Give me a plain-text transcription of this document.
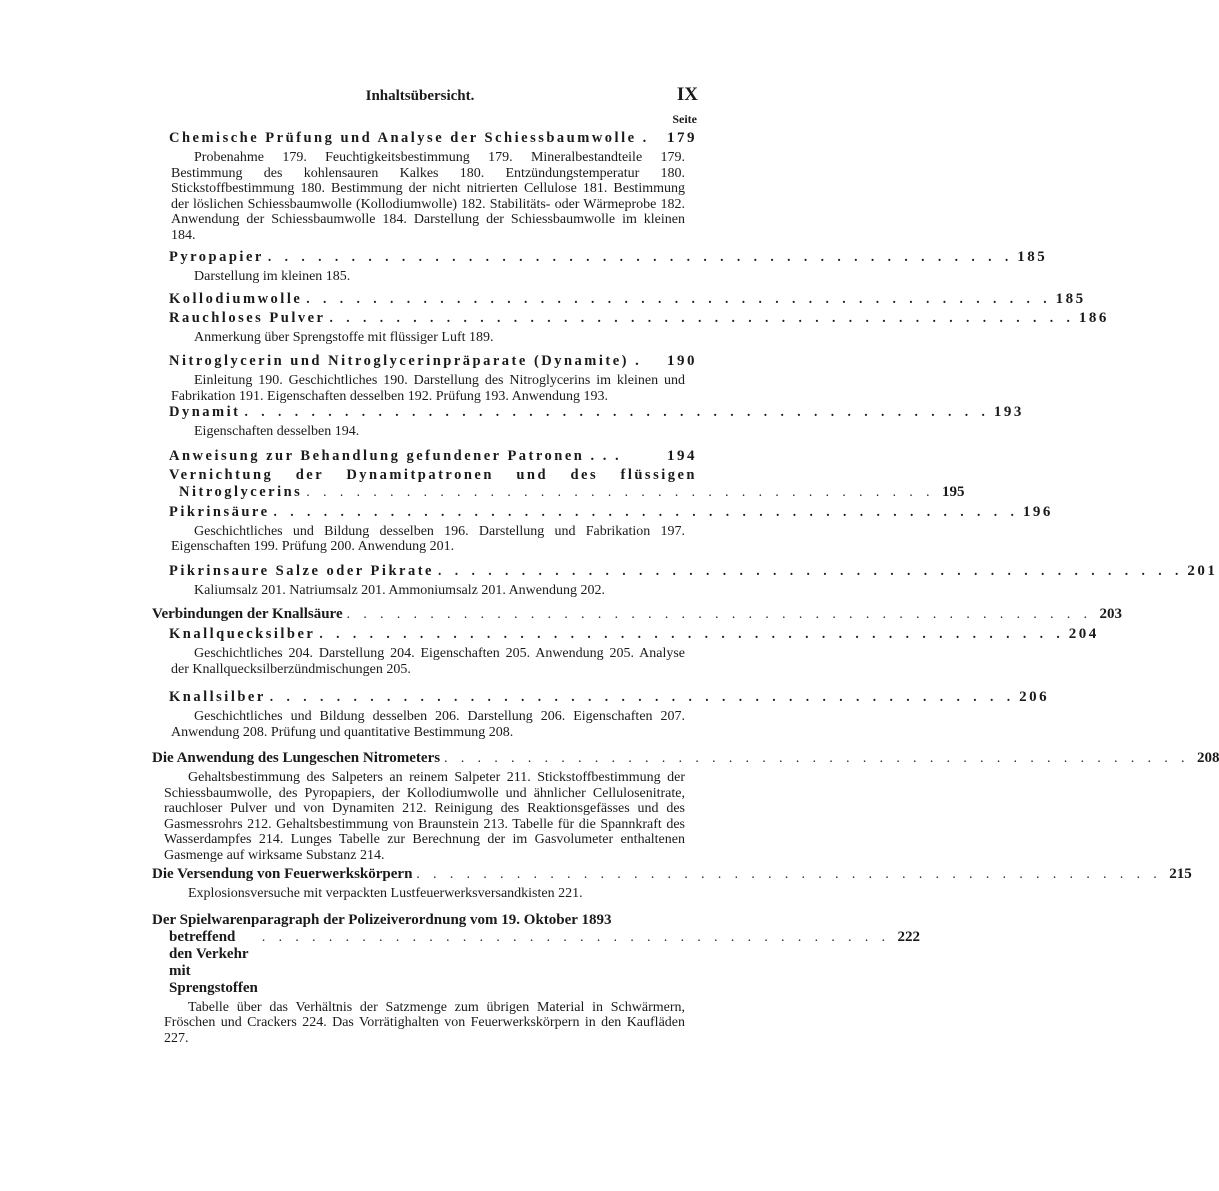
Inhaltsübersicht.	IX
Seite
Chemische Prüfung und Analyse der Schiessbaumwolle . 179
Probenahme 179. Feuchtigkeitsbestimmung 179. Mineralbestandteile 179. Bestimmung des kohlensauren Kalkes 180. Entzündungstemperatur 180. Stickstoffbestimmung 180. Bestimmung der nicht nitrierten Cellulose 181. Bestimmung der löslichen Schiessbaumwolle (Kollodiumwolle) 182. Stabilitäts- oder Wärmeprobe 182. Anwendung der Schiessbaumwolle 184. Darstellung der Schiessbaumwolle im kleinen 184.
Pyropapier . . . . . . . . . . . . . . . . . . . . . . . . . . . . . . . . . . . . . . . . . . . . . 185
Darstellung im kleinen 185.
Kollodiumwolle . . . . . . . . . . . . . . . . . . . . . . . . . . . . . . . . . . . . . . . . . . . . . 185
Rauchloses Pulver . . . . . . . . . . . . . . . . . . . . . . . . . . . . . . . . . . . . . . . . . . . . . 186
Anmerkung über Sprengstoffe mit flüssiger Luft 189.
Nitroglycerin und Nitroglycerinpräparate (Dynamite) . 190
Einleitung 190. Geschichtliches 190. Darstellung des Nitroglycerins im kleinen und Fabrikation 191. Eigenschaften desselben 192. Prüfung 193. Anwendung 193.
Dynamit . . . . . . . . . . . . . . . . . . . . . . . . . . . . . . . . . . . . . . . . . . . . . 193
Eigenschaften desselben 194.
Anweisung zur Behandlung gefundener Patronen . . .	194
Vernichtung der Dynamitpatronen und des flüssigen
Nitroglycerins . . . . . . . . . . . . . . . . . . . . . . . . . . . . . . . . . . . . . . 195
Pikrinsäure . . . . . . . . . . . . . . . . . . . . . . . . . . . . . . . . . . . . . . . . . . . . . 196
Geschichtliches und Bildung desselben 196. Darstellung und Fabrikation 197. Eigenschaften 199. Prüfung 200. Anwendung 201.
Pikrinsaure Salze oder Pikrate . . . . . . . . . . . . . . . . . . . . . . . . . . . . . . . . . . . . . . . . . . . . . 201
Kaliumsalz 201. Natriumsalz 201. Ammoniumsalz 201. Anwendung 202.
Verbindungen der Knallsäure . . . . . . . . . . . . . . . . . . . . . . . . . . . . . . . . . . . . . . . . . . . . . 203
Knallquecksilber . . . . . . . . . . . . . . . . . . . . . . . . . . . . . . . . . . . . . . . . . . . . . 204
Geschichtliches 204. Darstellung 204. Eigenschaften 205. Anwendung 205. Analyse der Knallquecksilberzündmischungen 205.
Knallsilber . . . . . . . . . . . . . . . . . . . . . . . . . . . . . . . . . . . . . . . . . . . . . 206
Geschichtliches und Bildung desselben 206. Darstellung 206. Eigenschaften 207. Anwendung 208. Prüfung und quantitative Bestimmung 208.
Die Anwendung des Lungeschen Nitrometers . . . . . . . . . . . . . . . . . . . . . . . . . . . . . . . . . . . . . . . . . . . . . 208
Gehaltsbestimmung des Salpeters an reinem Salpeter 211. Stickstoffbestimmung der Schiessbaumwolle, des Pyropapiers, der Kollodiumwolle und ähnlicher Cellulosenitrate, rauchloser Pulver und von Dynamiten 212. Reinigung des Reaktionsgefässes und des Gasmessrohrs 212. Gehaltsbestimmung von Braunstein 213. Tabelle für die Spannkraft des Wasserdampfes 214. Lunges Tabelle zur Berechnung der im Gasvolumeter enthaltenen Gasmenge auf wirksame Substanz 214.
Die Versendung von Feuerwerkskörpern . . . . . . . . . . . . . . . . . . . . . . . . . . . . . . . . . . . . . . . . . . . . . 215
Explosionsversuche mit verpackten Lustfeuerwerksversandkisten 221.
Der Spielwarenparagraph der Polizeiverordnung vom 19. Oktober 1893
betreffend den Verkehr mit Sprengstoffen
. . . . . . . . . . . . . . . . . . . . . . . . . . . . . . . . . . . . . . 222
Tabelle über das Verhältnis der Satzmenge zum übrigen Material in Schwärmern, Fröschen und Crackers 224. Das Vorrätighalten von Feuerwerkskörpern in den Kaufläden 227.
